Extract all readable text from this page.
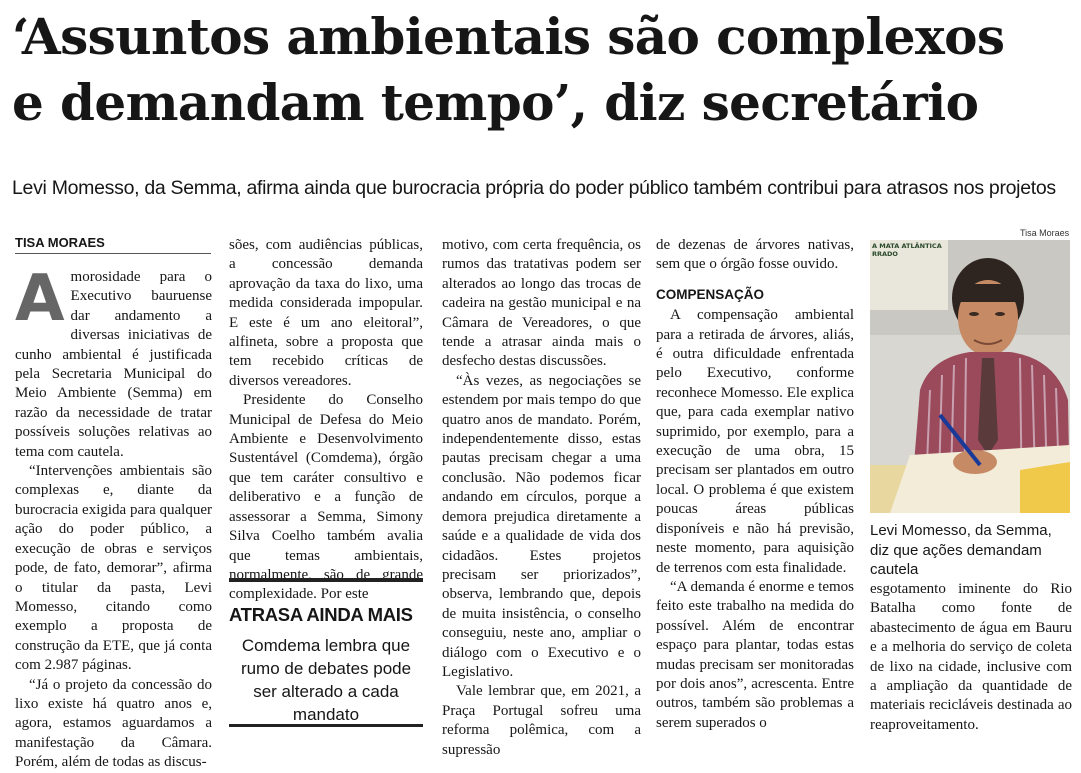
‘Assuntos ambientais são complexos
e demandam tempo’, diz secretário

Levi Momesso, da Semma, afirma ainda que burocracia própria do poder público também contribui para atrasos nos projetos

TISA MORAES
A morosidade para o Executivo bauruense dar andamento a diversas iniciativas de cunho ambiental é justificada pela Secretaria Municipal do Meio Ambiente (Semma) em razão da necessidade de tratar possíveis soluções relativas ao tema com cautela.

“Intervenções ambientais são complexas e, diante da burocracia exigida para qualquer ação do poder público, a execução de obras e serviços pode, de fato, demorar”, afirma o titular da pasta, Levi Momesso, citando como exemplo a proposta de construção da ETE, que já conta com 2.987 páginas.

“Já o projeto da concessão do lixo existe há quatro anos e, agora, estamos aguardamos a manifestação da Câmara. Porém, além de todas as discus-

sões, com audiências públicas, a concessão demanda aprovação da taxa do lixo, uma medida considerada impopular. E este é um ano eleitoral”, alfineta, sobre a proposta que tem recebido críticas de diversos vereadores.

Presidente do Conselho Municipal de Defesa do Meio Ambiente e Desenvolvimento Sustentável (Comdema), órgão que tem caráter consultivo e deliberativo e a função de assessorar a Semma, Simony Silva Coelho também avalia que temas ambientais, normalmente, são de grande complexidade. Por este

ATRASA AINDA MAIS
Comdema lembra que rumo de debates pode ser alterado a cada mandato

motivo, com certa frequência, os rumos das tratativas podem ser alterados ao longo das trocas de cadeira na gestão municipal e na Câmara de Vereadores, o que tende a atrasar ainda mais o desfecho destas discussões.

“Às vezes, as negociações se estendem por mais tempo do que quatro anos de mandato. Porém, independentemente disso, estas pautas precisam chegar a uma conclusão. Não podemos ficar andando em círculos, porque a demora prejudica diretamente a saúde e a qualidade de vida dos cidadãos. Estes projetos precisam ser priorizados”, observa, lembrando que, depois de muita insistência, o conselho conseguiu, neste ano, ampliar o diálogo com o Executivo e o Legislativo.

Vale lembrar que, em 2021, a Praça Portugal sofreu uma reforma polêmica, com a supressão

de dezenas de árvores nativas, sem que o órgão fosse ouvido.

COMPENSAÇÃO

A compensação ambiental para a retirada de árvores, aliás, é outra dificuldade enfrentada pelo Executivo, conforme reconhece Momesso. Ele explica que, para cada exemplar nativo suprimido, por exemplo, para a execução de uma obra, 15 precisam ser plantados em outro local. O problema é que existem poucas áreas públicas disponíveis e não há previsão, neste momento, para aquisição de terrenos com esta finalidade.

“A demanda é enorme e temos feito este trabalho na medida do possível. Além de encontrar espaço para plantar, todas estas mudas precisam ser monitoradas por dois anos”, acrescenta. Entre outros, também são problemas a serem superados o

Tisa Moraes
A MATA ATLÂNTICA RRADO
Levi Momesso, da Semma, diz que ações demandam cautela

esgotamento iminente do Rio Batalha como fonte de abastecimento de água em Bauru e a melhoria do serviço de coleta de lixo na cidade, inclusive com a ampliação da quantidade de materiais recicláveis destinada ao reaproveitamento.
